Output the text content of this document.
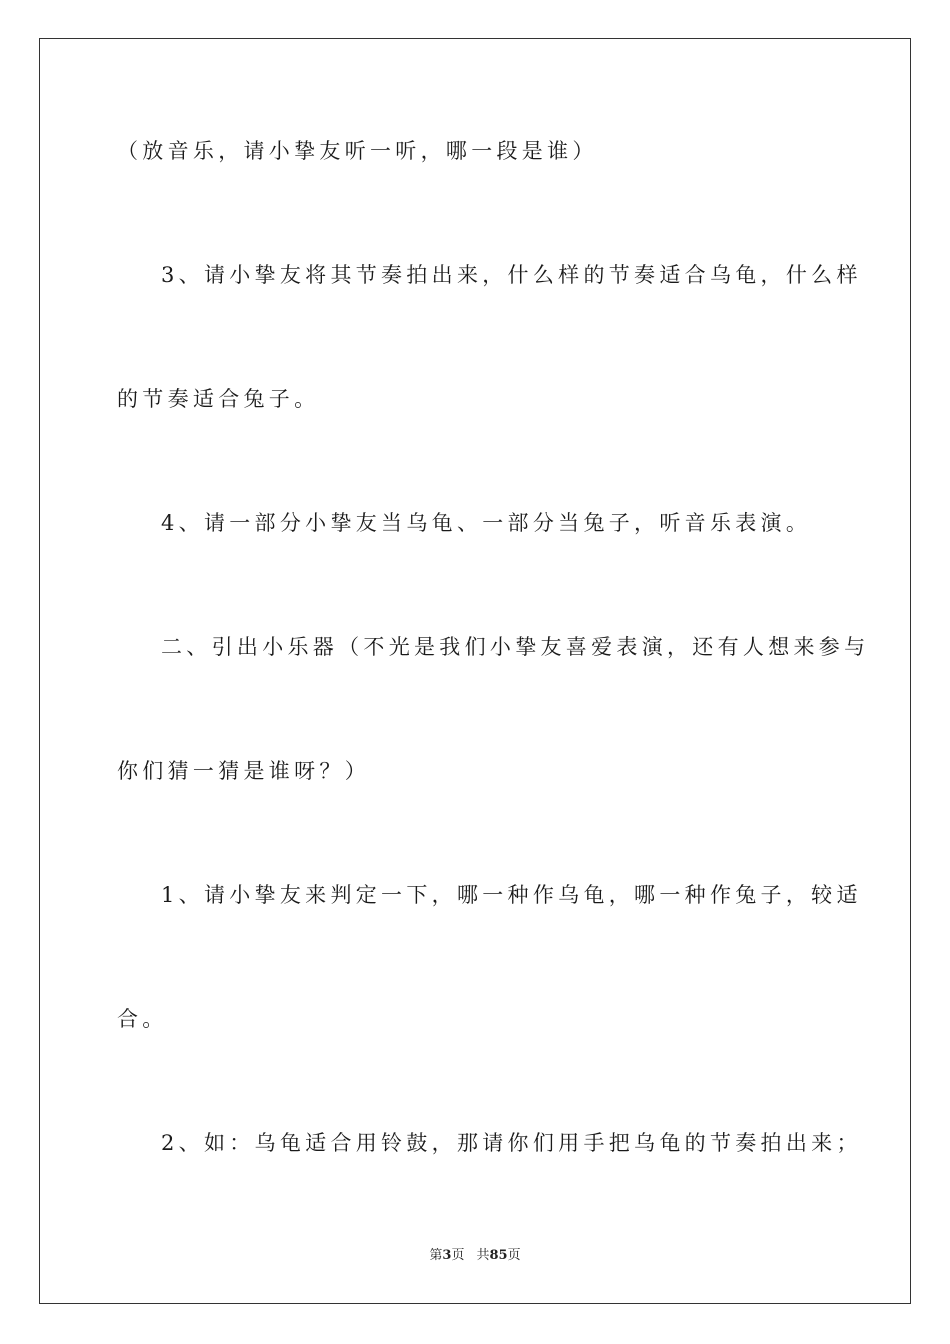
（放音乐，请小挚友听一听，哪一段是谁）
3、请小挚友将其节奏拍出来，什么样的节奏适合乌龟，什么样
的节奏适合兔子。
4、请一部分小挚友当乌龟、一部分当兔子，听音乐表演。
二、引出小乐器（不光是我们小挚友喜爱表演，还有人想来参与
你们猜一猜是谁呀？）
1、请小挚友来判定一下，哪一种作乌龟，哪一种作兔子，较适
合。
2、如：乌龟适合用铃鼓，那请你们用手把乌龟的节奏拍出来；
第3页 共85页
